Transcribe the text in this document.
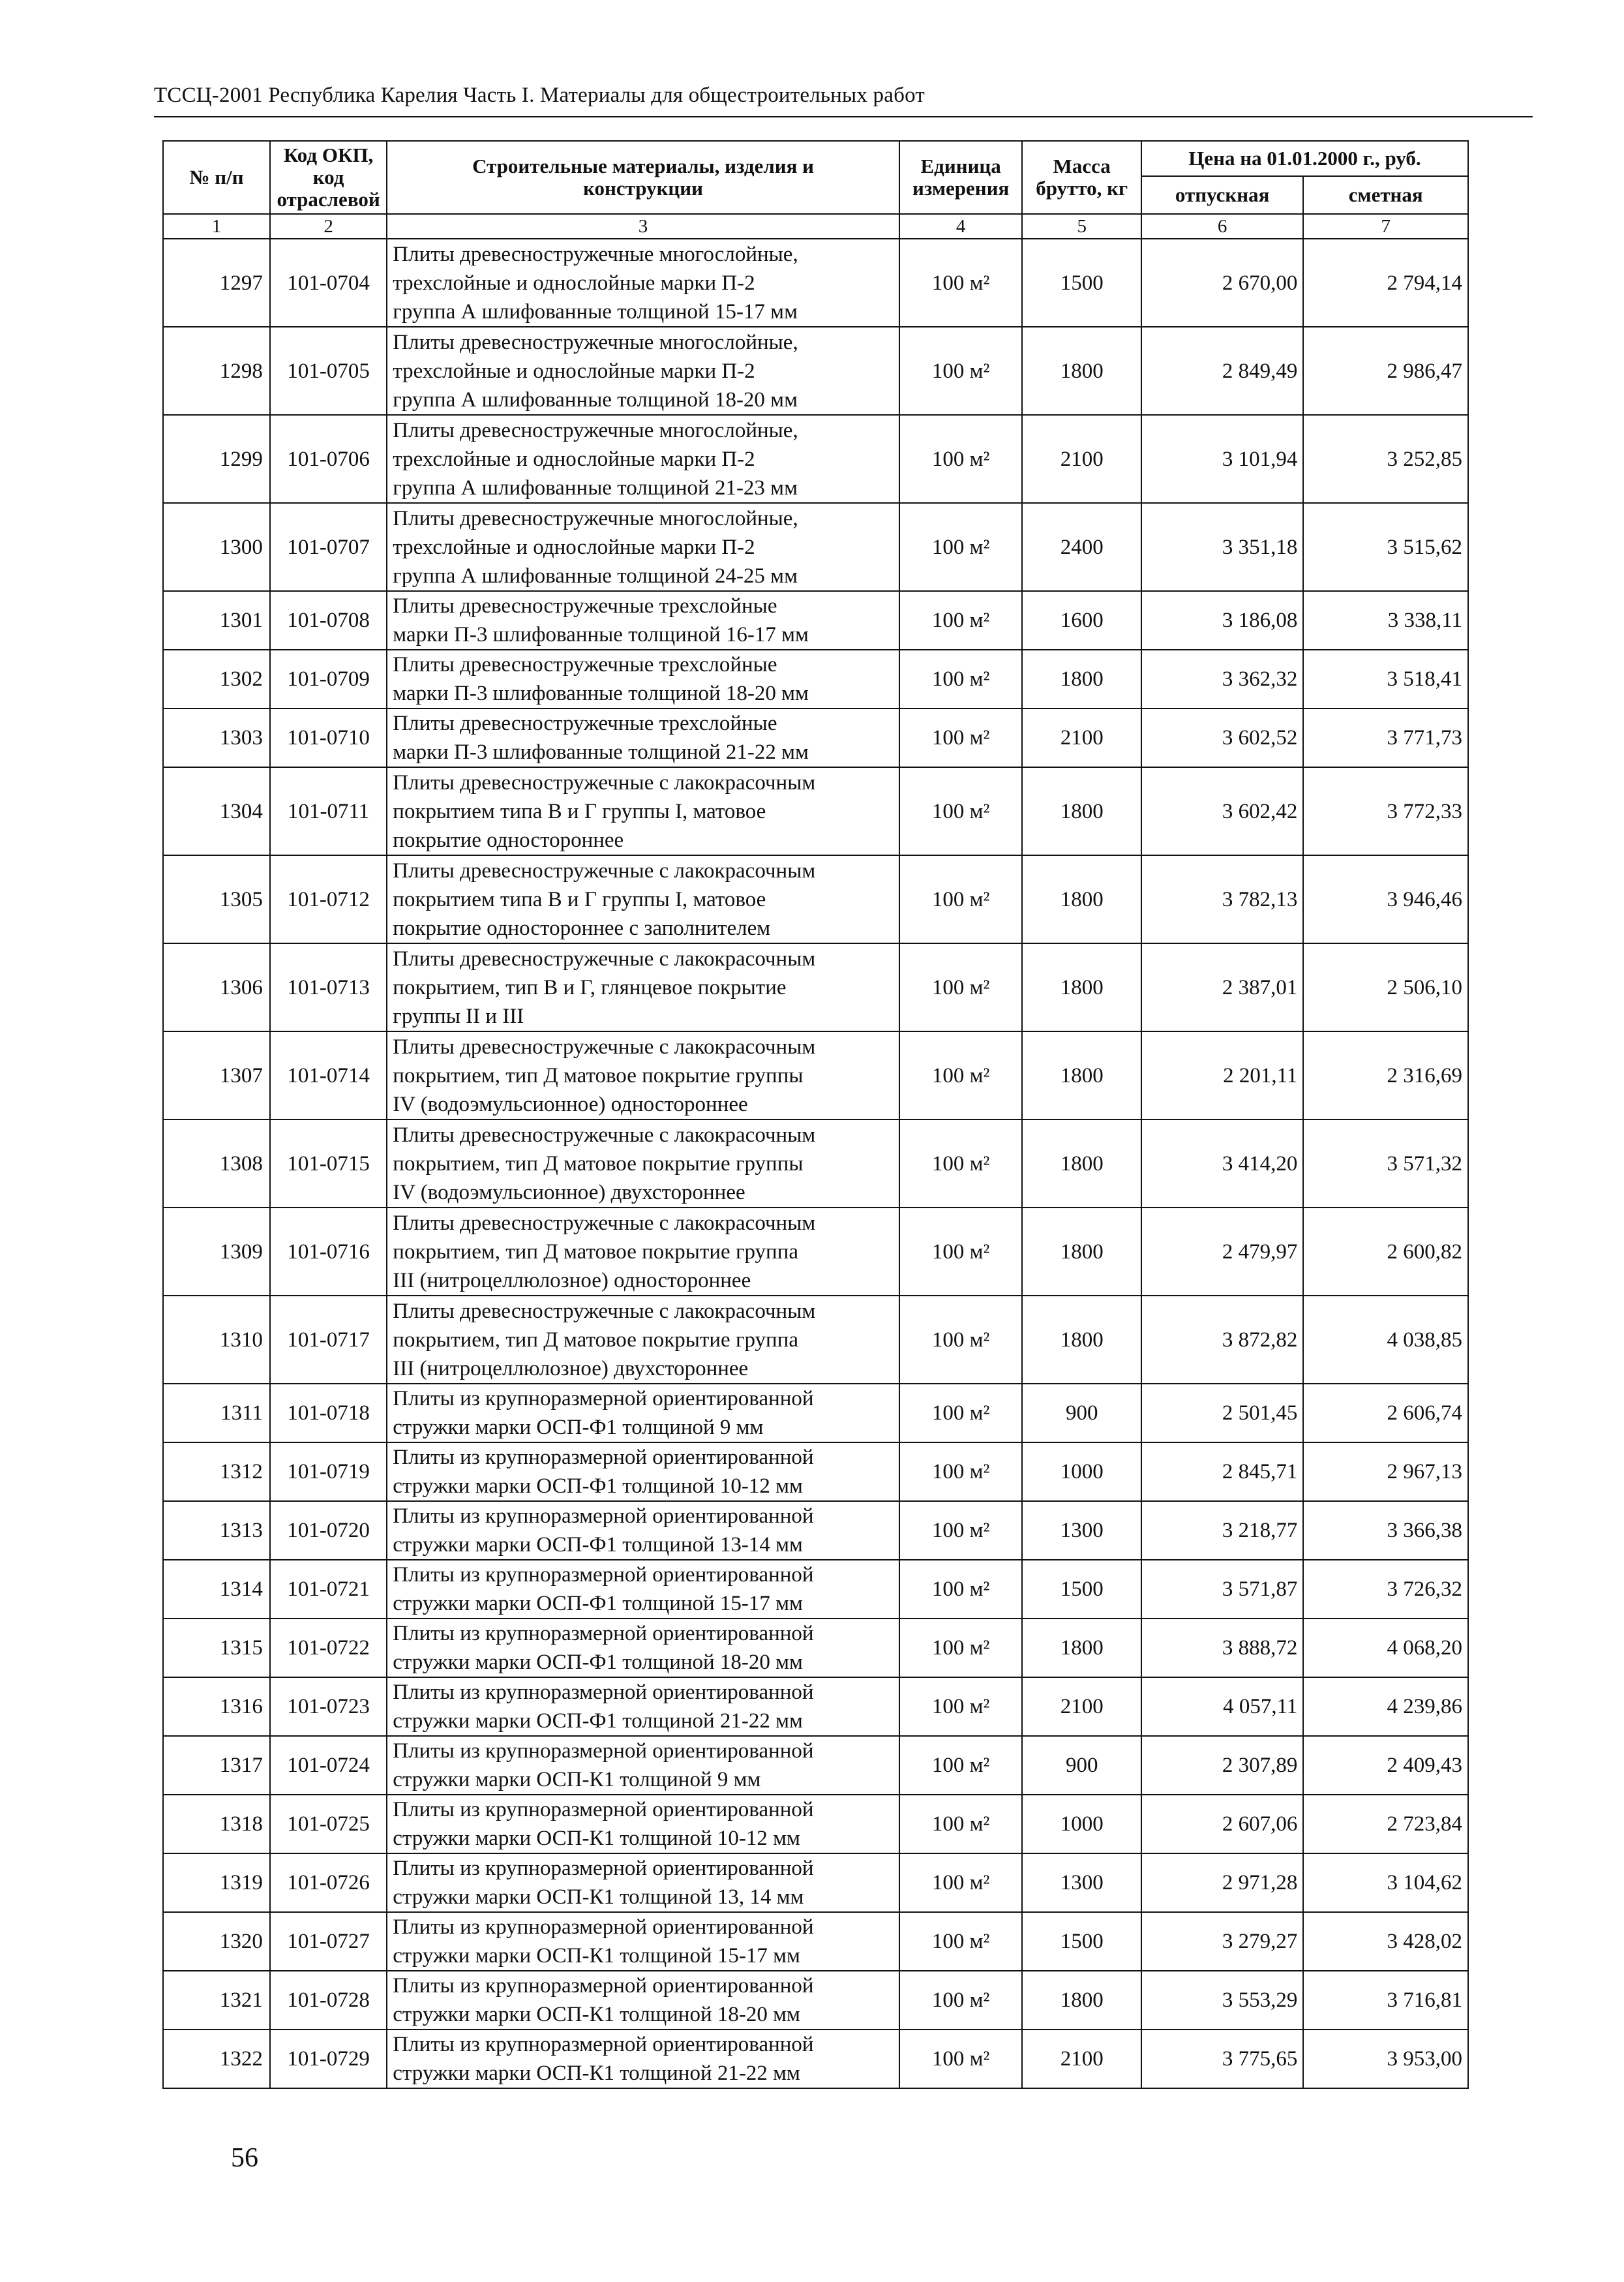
ТССЦ-2001 Республика Карелия Часть I. Материалы для общестроительных работ
№ п/п	Код ОКП,
код
отраслевой	Строительные материалы, изделия и
конструкции	Единица
измерения	Масса
брутто, кг	Цена на 01.01.2000 г., руб.	
					отпускная	сметная
1	2	3	4	5	6	7
1297	101-0704	Плиты древесностружечные многослойные,
трехслойные и однослойные марки П-2
группа А шлифованные толщиной 15-17 мм	100 м²	1500	2 670,00	2 794,14
1298	101-0705	Плиты древесностружечные многослойные,
трехслойные и однослойные марки П-2
группа А шлифованные толщиной 18-20 мм	100 м²	1800	2 849,49	2 986,47
1299	101-0706	Плиты древесностружечные многослойные,
трехслойные и однослойные марки П-2
группа А шлифованные толщиной 21-23 мм	100 м²	2100	3 101,94	3 252,85
1300	101-0707	Плиты древесностружечные многослойные,
трехслойные и однослойные марки П-2
группа А шлифованные толщиной 24-25 мм	100 м²	2400	3 351,18	3 515,62
1301	101-0708	Плиты древесностружечные трехслойные
марки П-3 шлифованные толщиной 16-17 мм	100 м²	1600	3 186,08	3 338,11
1302	101-0709	Плиты древесностружечные трехслойные
марки П-3 шлифованные толщиной 18-20 мм	100 м²	1800	3 362,32	3 518,41
1303	101-0710	Плиты древесностружечные трехслойные
марки П-3 шлифованные толщиной 21-22 мм	100 м²	2100	3 602,52	3 771,73
1304	101-0711	Плиты древесностружечные с лакокрасочным
покрытием типа В и Г группы I, матовое
покрытие одностороннее	100 м²	1800	3 602,42	3 772,33
1305	101-0712	Плиты древесностружечные с лакокрасочным
покрытием типа В и Г группы I, матовое
покрытие одностороннее с заполнителем	100 м²	1800	3 782,13	3 946,46
1306	101-0713	Плиты древесностружечные с лакокрасочным
покрытием, тип В и Г, глянцевое покрытие
группы II и III	100 м²	1800	2 387,01	2 506,10
1307	101-0714	Плиты древесностружечные с лакокрасочным
покрытием, тип Д матовое покрытие группы
IV (водоэмульсионное) одностороннее	100 м²	1800	2 201,11	2 316,69
1308	101-0715	Плиты древесностружечные с лакокрасочным
покрытием, тип Д матовое покрытие группы
IV (водоэмульсионное) двухстороннее	100 м²	1800	3 414,20	3 571,32
1309	101-0716	Плиты древесностружечные с лакокрасочным
покрытием, тип Д матовое покрытие группа
III (нитроцеллюлозное) одностороннее	100 м²	1800	2 479,97	2 600,82
1310	101-0717	Плиты древесностружечные с лакокрасочным
покрытием, тип Д матовое покрытие группа
III (нитроцеллюлозное) двухстороннее	100 м²	1800	3 872,82	4 038,85
1311	101-0718	Плиты из крупноразмерной ориентированной
стружки марки ОСП-Ф1 толщиной 9 мм	100 м²	900	2 501,45	2 606,74
1312	101-0719	Плиты из крупноразмерной ориентированной
стружки марки ОСП-Ф1 толщиной 10-12 мм	100 м²	1000	2 845,71	2 967,13
1313	101-0720	Плиты из крупноразмерной ориентированной
стружки марки ОСП-Ф1 толщиной 13-14 мм	100 м²	1300	3 218,77	3 366,38
1314	101-0721	Плиты из крупноразмерной ориентированной
стружки марки ОСП-Ф1 толщиной 15-17 мм	100 м²	1500	3 571,87	3 726,32
1315	101-0722	Плиты из крупноразмерной ориентированной
стружки марки ОСП-Ф1 толщиной 18-20 мм	100 м²	1800	3 888,72	4 068,20
1316	101-0723	Плиты из крупноразмерной ориентированной
стружки марки ОСП-Ф1 толщиной 21-22 мм	100 м²	2100	4 057,11	4 239,86
1317	101-0724	Плиты из крупноразмерной ориентированной
стружки марки ОСП-К1 толщиной 9 мм	100 м²	900	2 307,89	2 409,43
1318	101-0725	Плиты из крупноразмерной ориентированной
стружки марки ОСП-К1 толщиной 10-12 мм	100 м²	1000	2 607,06	2 723,84
1319	101-0726	Плиты из крупноразмерной ориентированной
стружки марки ОСП-К1 толщиной 13, 14 мм	100 м²	1300	2 971,28	3 104,62
1320	101-0727	Плиты из крупноразмерной ориентированной
стружки марки ОСП-К1 толщиной 15-17 мм	100 м²	1500	3 279,27	3 428,02
1321	101-0728	Плиты из крупноразмерной ориентированной
стружки марки ОСП-К1 толщиной 18-20 мм	100 м²	1800	3 553,29	3 716,81
1322	101-0729	Плиты из крупноразмерной ориентированной
стружки марки ОСП-К1 толщиной 21-22 мм	100 м²	2100	3 775,65	3 953,00
56
